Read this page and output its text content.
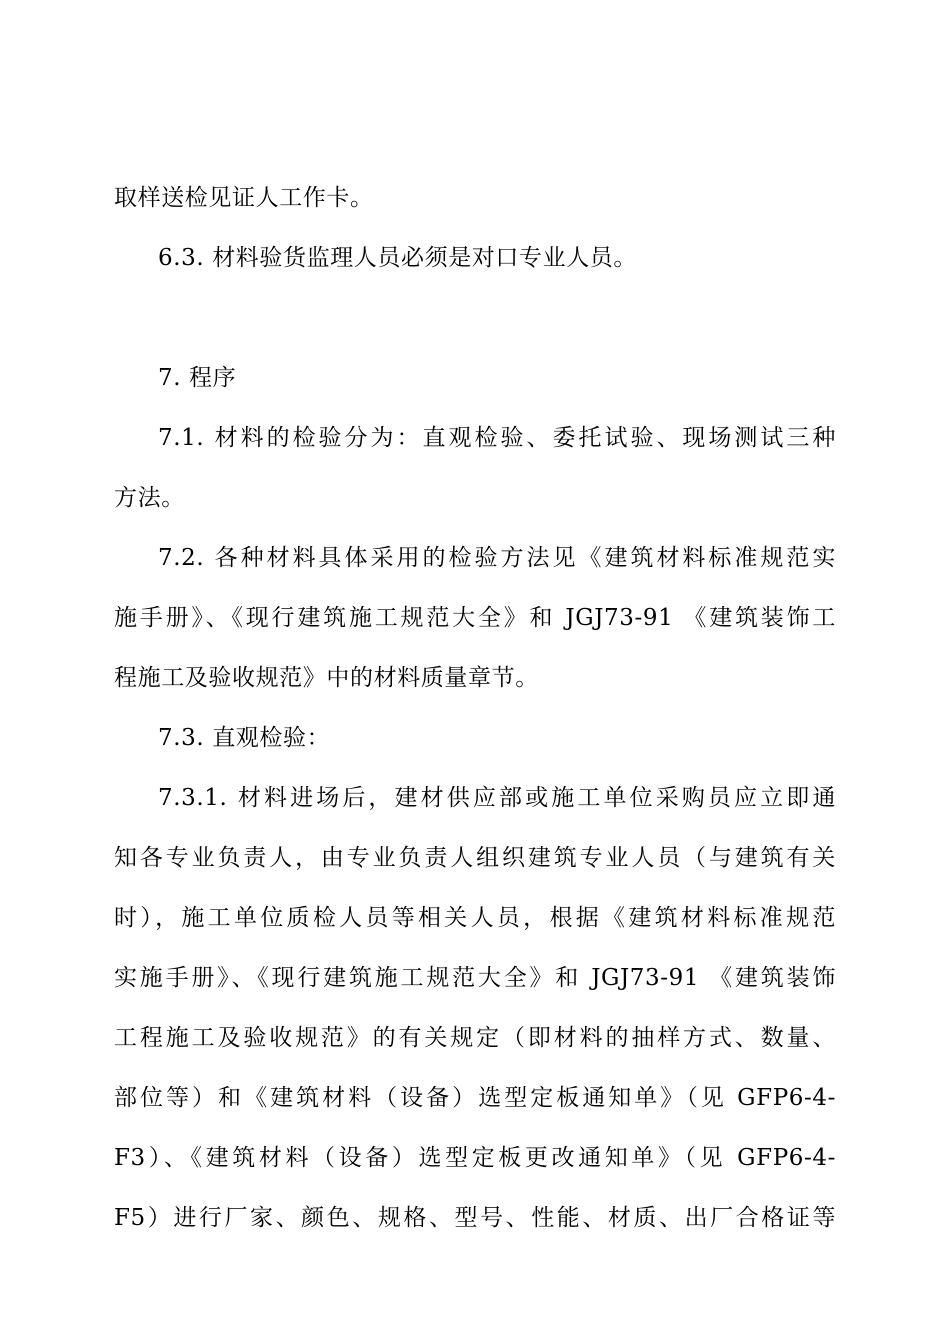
取样送检见证人工作卡。
6.3. 材料验货监理人员必须是对口专业人员。
7. 程序
7.1. 材料的检验分为：直观检验、委托试验、现场测试三种
方法。
7.2. 各种材料具体采用的检验方法见《建筑材料标准规范实
施手册》、《现行建筑施工规范大全》和 JGJ73-91 《建筑装饰工
程施工及验收规范》中的材料质量章节。
7.3. 直观检验：
7.3.1. 材料进场后，建材供应部或施工单位采购员应立即通
知各专业负责人，由专业负责人组织建筑专业人员（与建筑有关
时），施工单位质检人员等相关人员，根据《建筑材料标准规范
实施手册》、《现行建筑施工规范大全》和 JGJ73-91 《建筑装饰
工程施工及验收规范》的有关规定（即材料的抽样方式、数量、
部位等）和《建筑材料（设备）选型定板通知单》（见 GFP6-4-
F3）、《建筑材料（设备）选型定板更改通知单》（见 GFP6-4-
F5）进行厂家、颜色、规格、型号、性能、材质、出厂合格证等
